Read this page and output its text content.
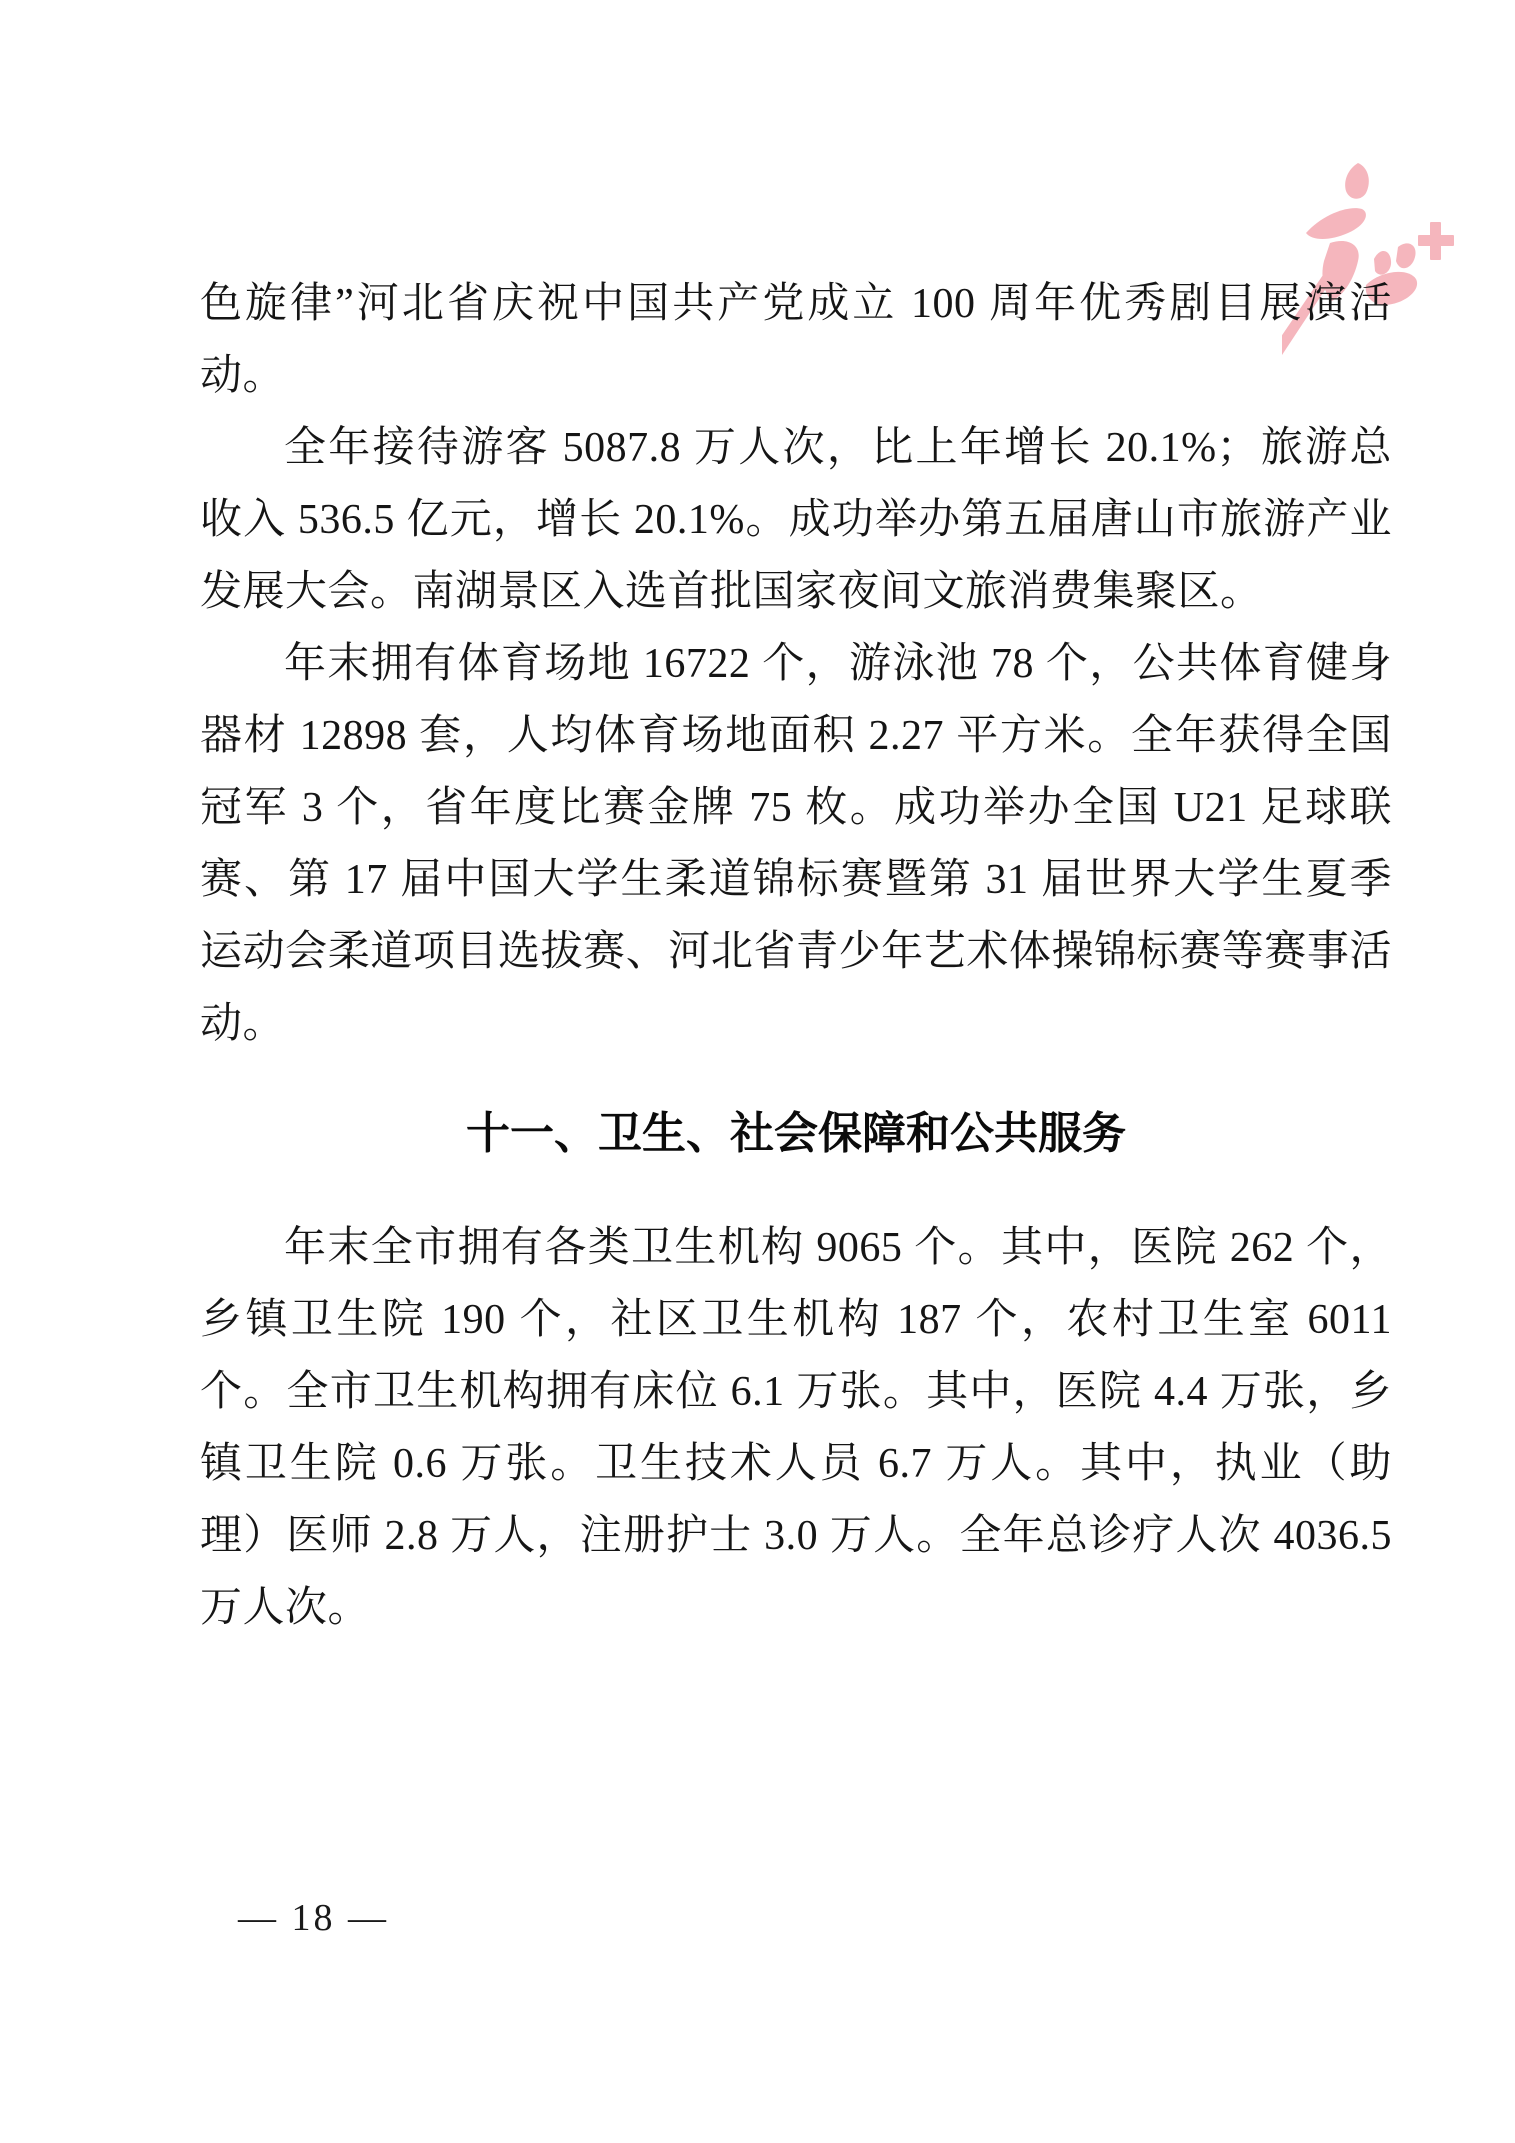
色旋律”河北省庆祝中国共产党成立 100 周年优秀剧目展演活动。

全年接待游客 5087.8 万人次，比上年增长 20.1%；旅游总收入 536.5 亿元，增长 20.1%。成功举办第五届唐山市旅游产业发展大会。南湖景区入选首批国家夜间文旅消费集聚区。

年末拥有体育场地 16722 个，游泳池 78 个，公共体育健身器材 12898 套，人均体育场地面积 2.27 平方米。全年获得全国冠军 3 个，省年度比赛金牌 75 枚。成功举办全国 U21 足球联赛、第 17 届中国大学生柔道锦标赛暨第 31 届世界大学生夏季运动会柔道项目选拔赛、河北省青少年艺术体操锦标赛等赛事活动。

十一、卫生、社会保障和公共服务

年末全市拥有各类卫生机构 9065 个。其中，医院 262 个，乡镇卫生院 190 个，社区卫生机构 187 个，农村卫生室 6011 个。全市卫生机构拥有床位 6.1 万张。其中，医院 4.4 万张，乡镇卫生院 0.6 万张。卫生技术人员 6.7 万人。其中，执业（助理）医师 2.8 万人，注册护士 3.0 万人。全年总诊疗人次 4036.5 万人次。

— 18 —
